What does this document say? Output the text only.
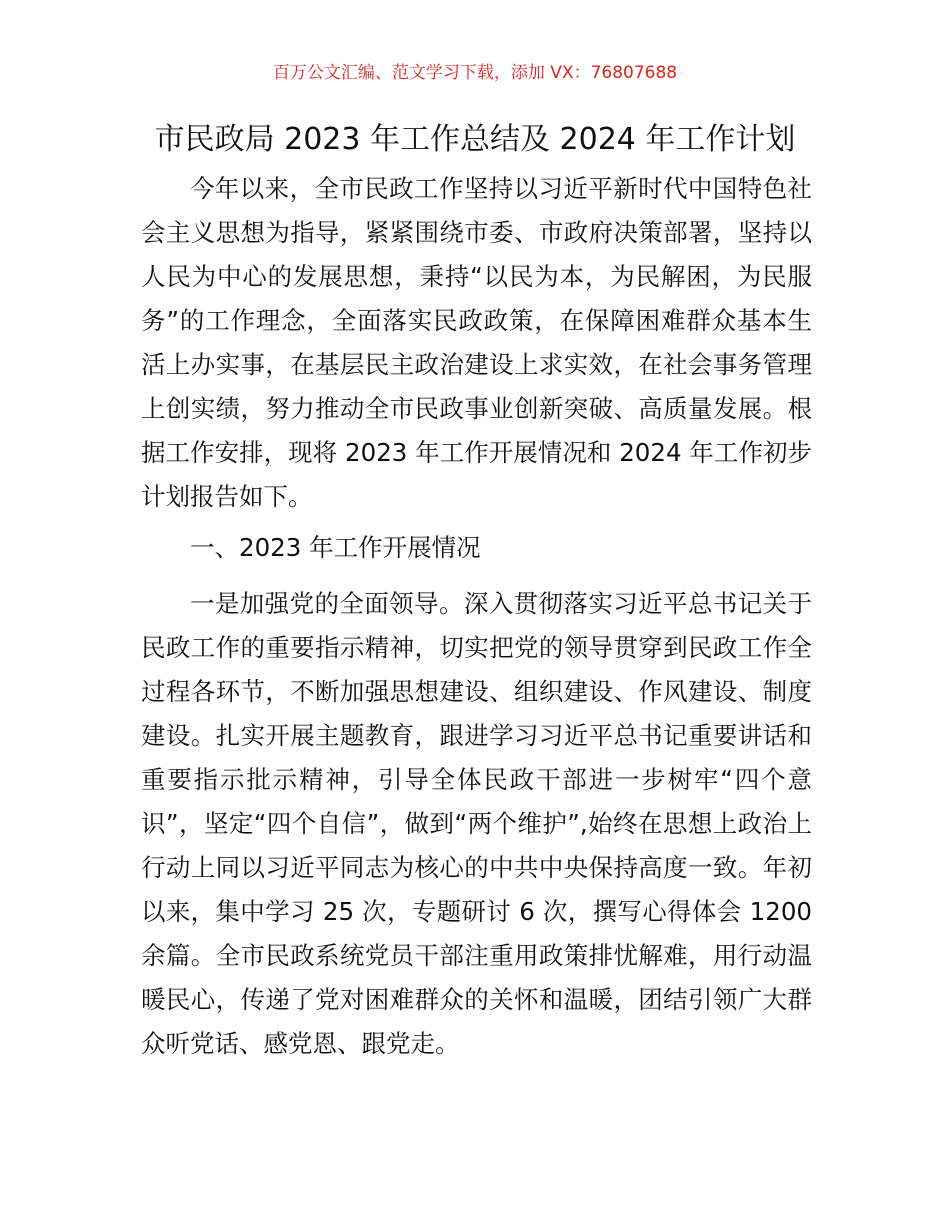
百万公文汇编、范文学习下载，添加 VX：76807688
市民政局 2023 年工作总结及 2024 年工作计划
今年以来，全市民政工作坚持以习近平新时代中国特色社
会主义思想为指导，紧紧围绕市委、市政府决策部署，坚持以
人民为中心的发展思想，秉持“以民为本，为民解困，为民服
务”的工作理念，全面落实民政政策，在保障困难群众基本生
活上办实事，在基层民主政治建设上求实效，在社会事务管理
上创实绩，努力推动全市民政事业创新突破、高质量发展。根
据工作安排，现将 2023 年工作开展情况和 2024 年工作初步
计划报告如下。
一、2023 年工作开展情况
一是加强党的全面领导。深入贯彻落实习近平总书记关于
民政工作的重要指示精神，切实把党的领导贯穿到民政工作全
过程各环节，不断加强思想建设、组织建设、作风建设、制度
建设。扎实开展主题教育，跟进学习习近平总书记重要讲话和
重要指示批示精神，引导全体民政干部进一步树牢“四个意
识”，坚定“四个自信”，做到“两个维护”,始终在思想上政治上
行动上同以习近平同志为核心的中共中央保持高度一致。年初
以来，集中学习 25 次，专题研讨 6 次，撰写心得体会 1200
余篇。全市民政系统党员干部注重用政策排忧解难，用行动温
暖民心，传递了党对困难群众的关怀和温暖，团结引领广大群
众听党话、感党恩、跟党走。
